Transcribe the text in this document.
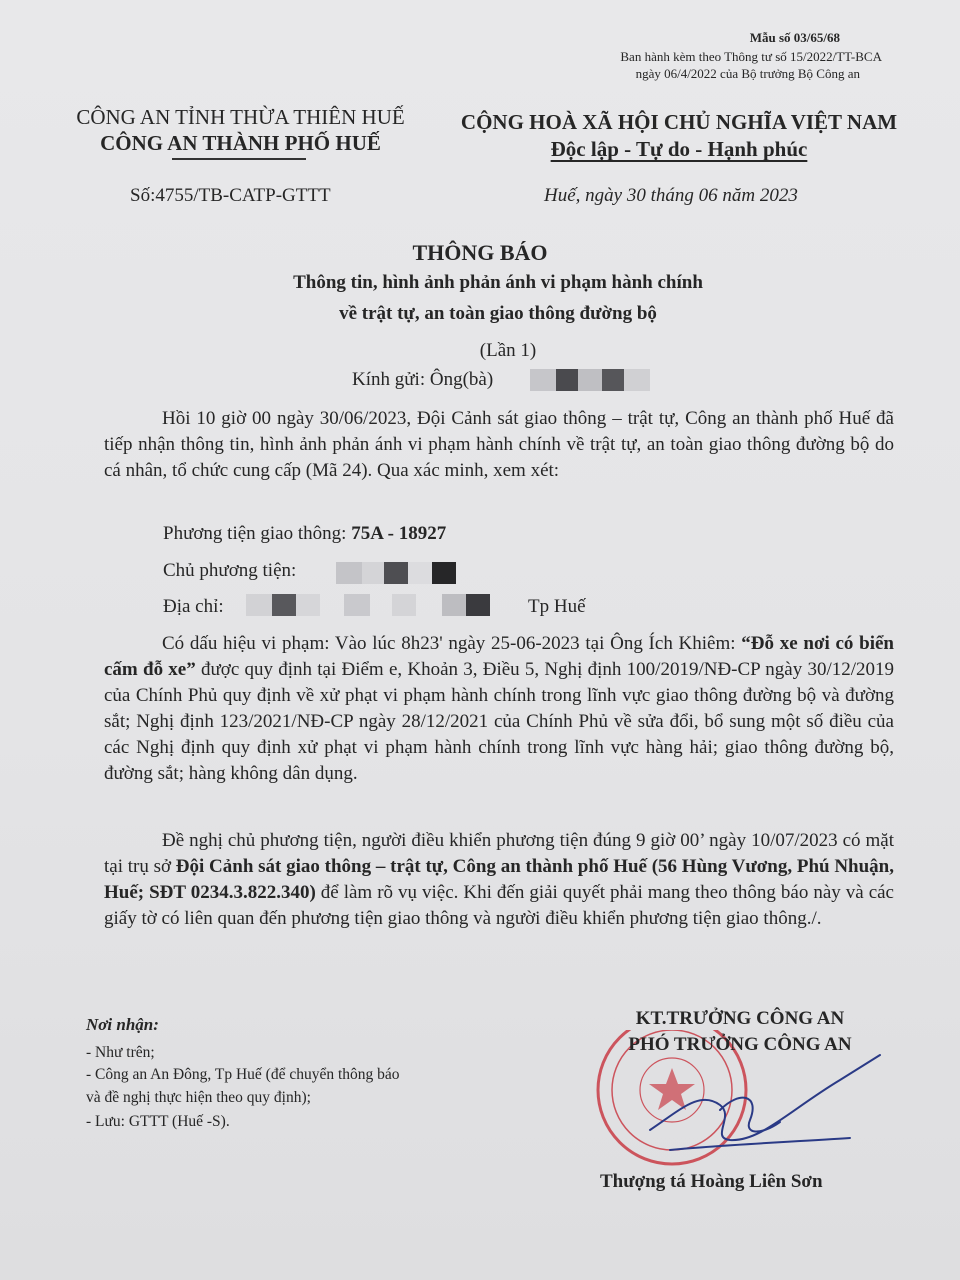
Mẫu số 03/65/68
Ban hành kèm theo Thông tư số 15/2022/TT-BCA
ngày 06/4/2022 của Bộ trưởng Bộ Công an
CÔNG AN TỈNH THỪA THIÊN HUẾ
CÔNG AN THÀNH PHỐ HUẾ
CỘNG HOÀ XÃ HỘI CHỦ NGHĨA VIỆT NAM
Độc lập - Tự do - Hạnh phúc
Số:4755/TB-CATP-GTTT	Huế, ngày 30 tháng 06 năm 2023
THÔNG BÁO
Thông tin, hình ảnh phản ánh vi phạm hành chính
về trật tự, an toàn giao thông đường bộ
(Lần 1)
Kính gửi: Ông(bà)
Hồi 10 giờ 00 ngày 30/06/2023, Đội Cảnh sát giao thông – trật tự, Công an thành phố Huế đã tiếp nhận thông tin, hình ảnh phản ánh vi phạm hành chính về trật tự, an toàn giao thông đường bộ do cá nhân, tổ chức cung cấp (Mã 24). Qua xác minh, xem xét:
Phương tiện giao thông: 75A - 18927
Chủ phương tiện:
Địa chỉ:	Tp Huế
Có dấu hiệu vi phạm: Vào lúc 8h23' ngày 25-06-2023 tại Ông Ích Khiêm: “Đỗ xe nơi có biển cấm đỗ xe” được quy định tại Điểm e, Khoản 3, Điều 5, Nghị định 100/2019/NĐ-CP ngày 30/12/2019 của Chính Phủ quy định về xử phạt vi phạm hành chính trong lĩnh vực giao thông đường bộ và đường sắt; Nghị định 123/2021/NĐ-CP ngày 28/12/2021 của Chính Phủ về sửa đổi, bổ sung một số điều của các Nghị định quy định xử phạt vi phạm hành chính trong lĩnh vực hàng hải; giao thông đường bộ, đường sắt; hàng không dân dụng.
Đề nghị chủ phương tiện, người điều khiển phương tiện đúng 9 giờ 00’ ngày 10/07/2023 có mặt tại trụ sở Đội Cảnh sát giao thông – trật tự, Công an thành phố Huế (56 Hùng Vương, Phú Nhuận, Huế; SĐT 0234.3.822.340) để làm rõ vụ việc. Khi đến giải quyết phải mang theo thông báo này và các giấy tờ có liên quan đến phương tiện giao thông và người điều khiển phương tiện giao thông./.
Nơi nhận:
- Như trên;
- Công an An Đông, Tp Huế (để chuyển thông báo
và đề nghị thực hiện theo quy định);
- Lưu: GTTT (Huế -S).
KT.TRƯỞNG CÔNG AN
PHÓ TRƯỞNG CÔNG AN
Thượng tá Hoàng Liên Sơn
